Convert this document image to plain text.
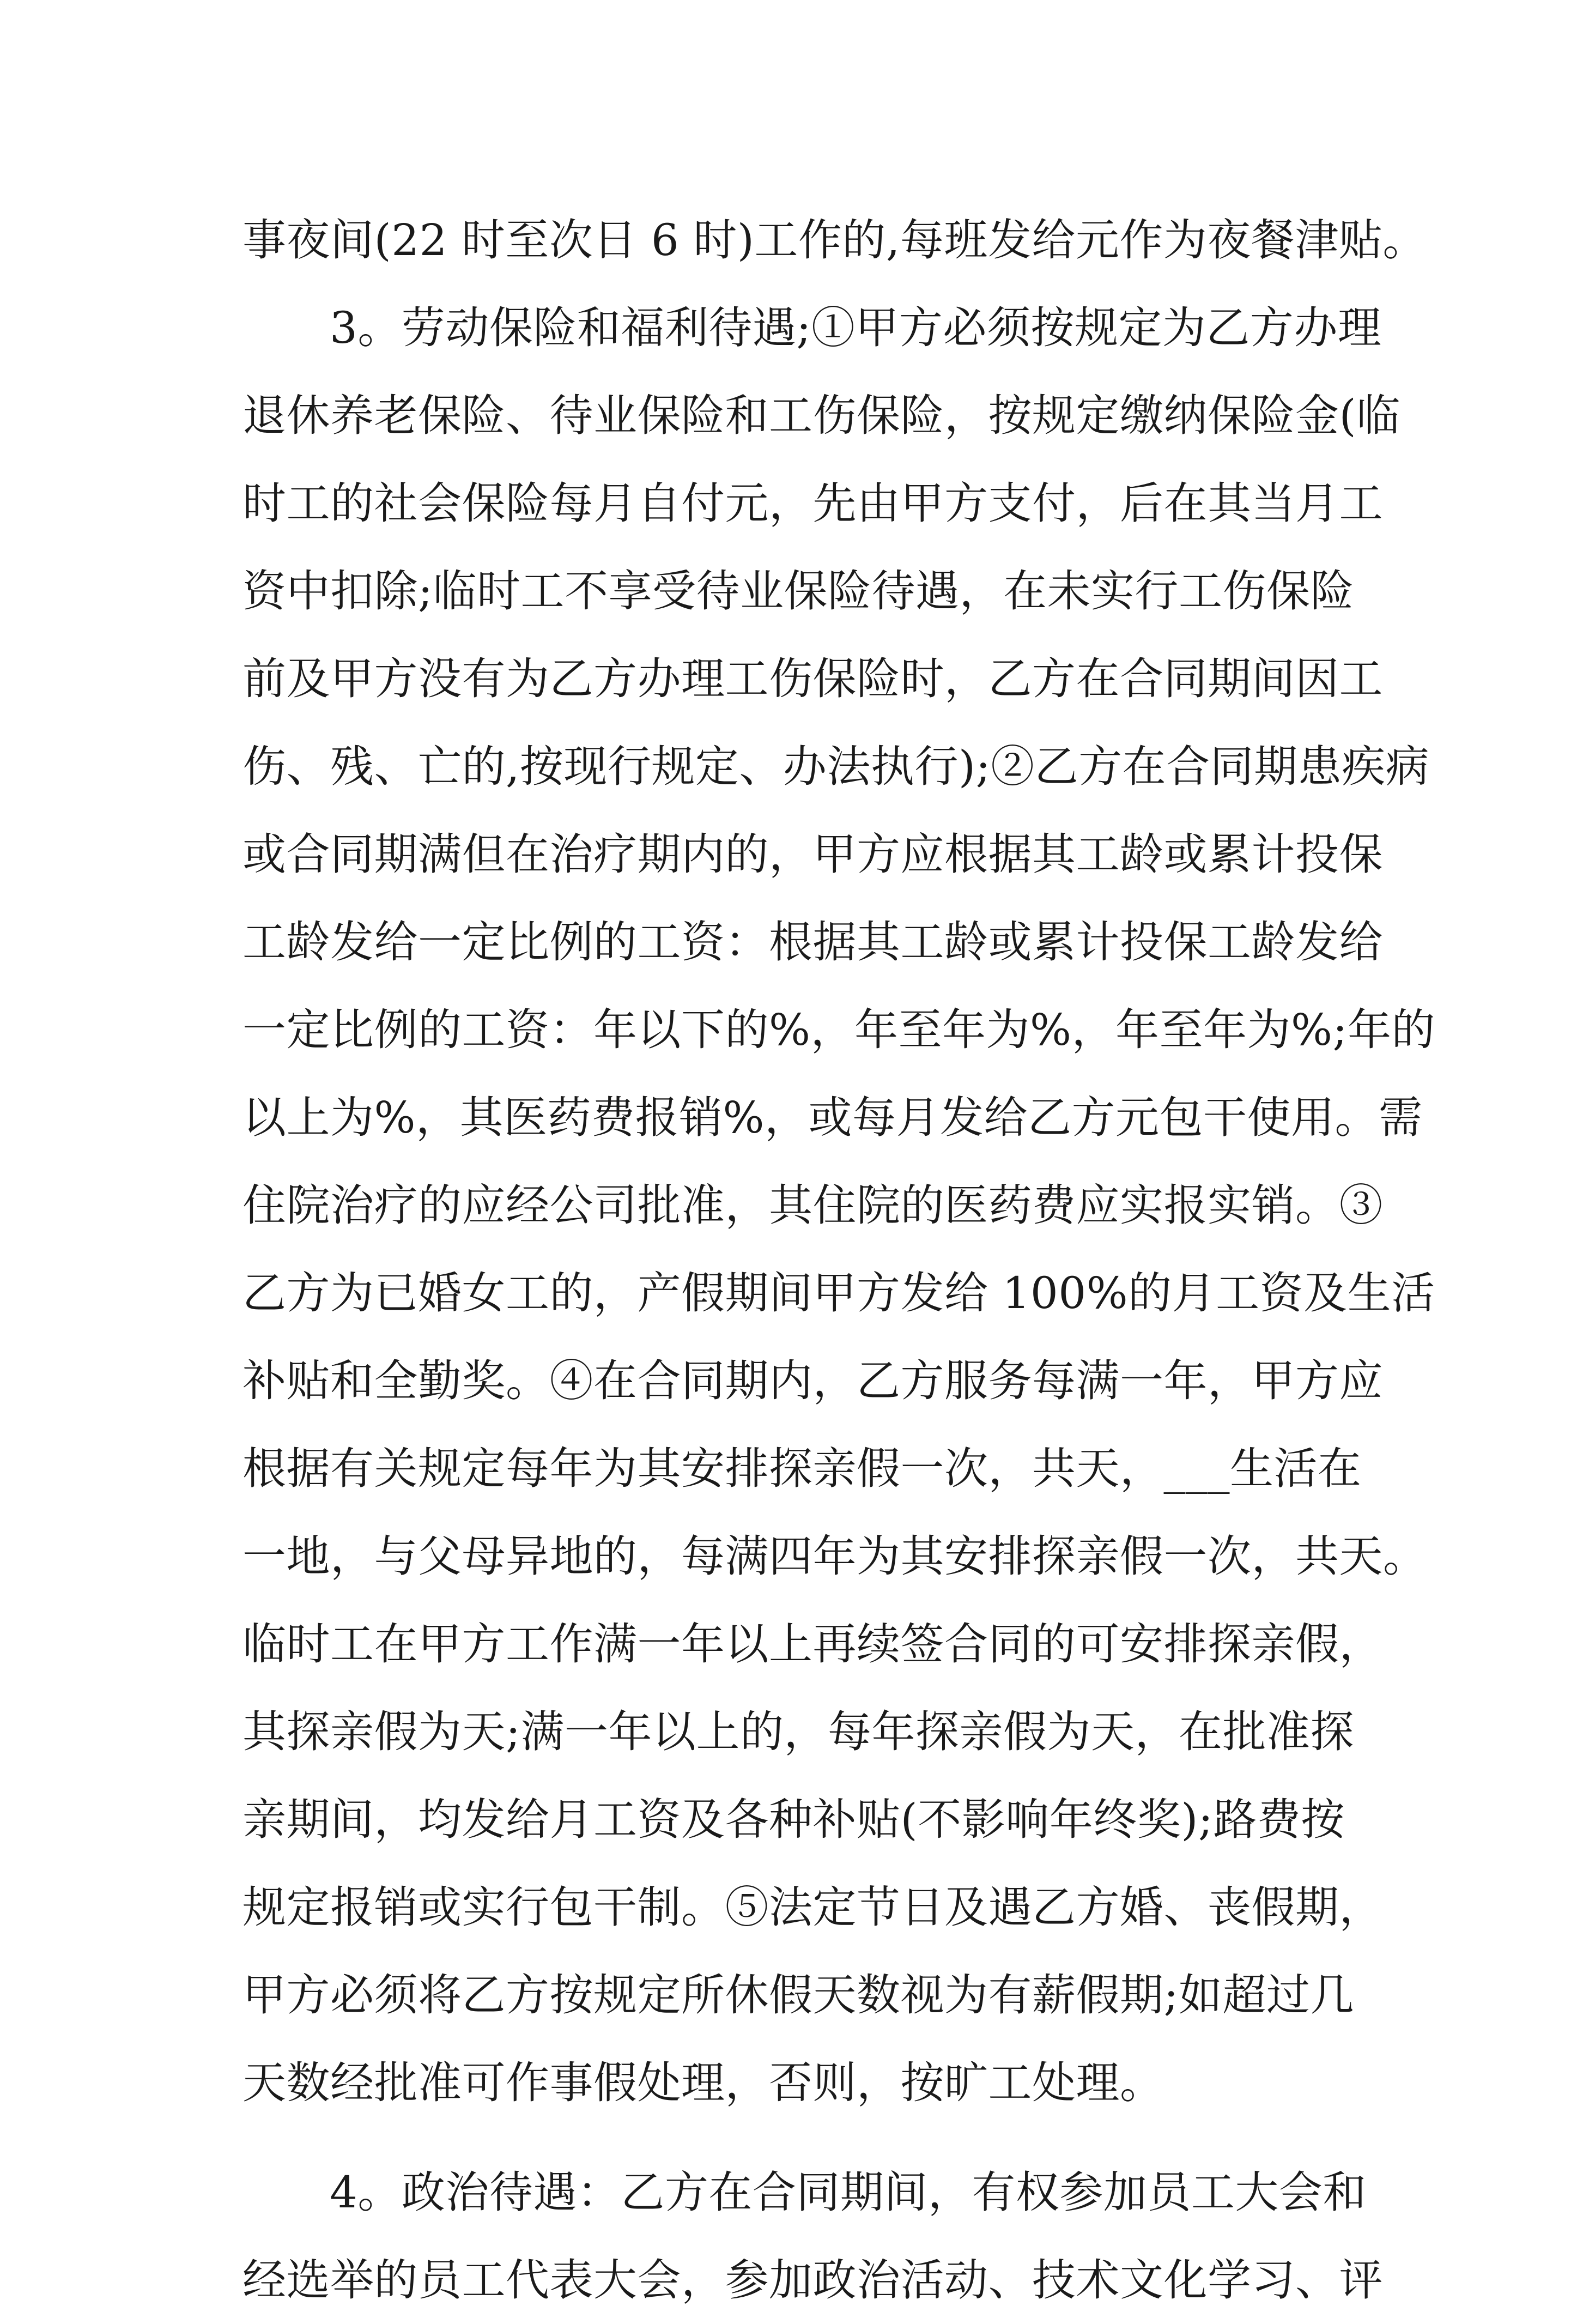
事夜间(22 时至次日 6 时)工作的,每班发给元作为夜餐津贴。
3。劳动保险和福利待遇;①甲方必须按规定为乙方办理
退休养老保险、待业保险和工伤保险，按规定缴纳保险金(临
时工的社会保险每月自付元，先由甲方支付，后在其当月工
资中扣除;临时工不享受待业保险待遇，在未实行工伤保险
前及甲方没有为乙方办理工伤保险时，乙方在合同期间因工
伤、残、亡的,按现行规定、办法执行);②乙方在合同期患疾病
或合同期满但在治疗期内的，甲方应根据其工龄或累计投保
工龄发给一定比例的工资：根据其工龄或累计投保工龄发给
一定比例的工资：年以下的%，年至年为%，年至年为%;年的
以上为%，其医药费报销%，或每月发给乙方元包干使用。需
住院治疗的应经公司批准，其住院的医药费应实报实销。③
乙方为已婚女工的，产假期间甲方发给 100%的月工资及生活
补贴和全勤奖。④在合同期内，乙方服务每满一年，甲方应
根据有关规定每年为其安排探亲假一次，共天，___生活在
一地，与父母异地的，每满四年为其安排探亲假一次，共天。
临时工在甲方工作满一年以上再续签合同的可安排探亲假，
其探亲假为天;满一年以上的，每年探亲假为天，在批准探
亲期间，均发给月工资及各种补贴(不影响年终奖);路费按
规定报销或实行包干制。⑤法定节日及遇乙方婚、丧假期，
甲方必须将乙方按规定所休假天数视为有薪假期;如超过几
天数经批准可作事假处理，否则，按旷工处理。
4。政治待遇：乙方在合同期间，有权参加员工大会和
经选举的员工代表大会，参加政治活动、技术文化学习、评
